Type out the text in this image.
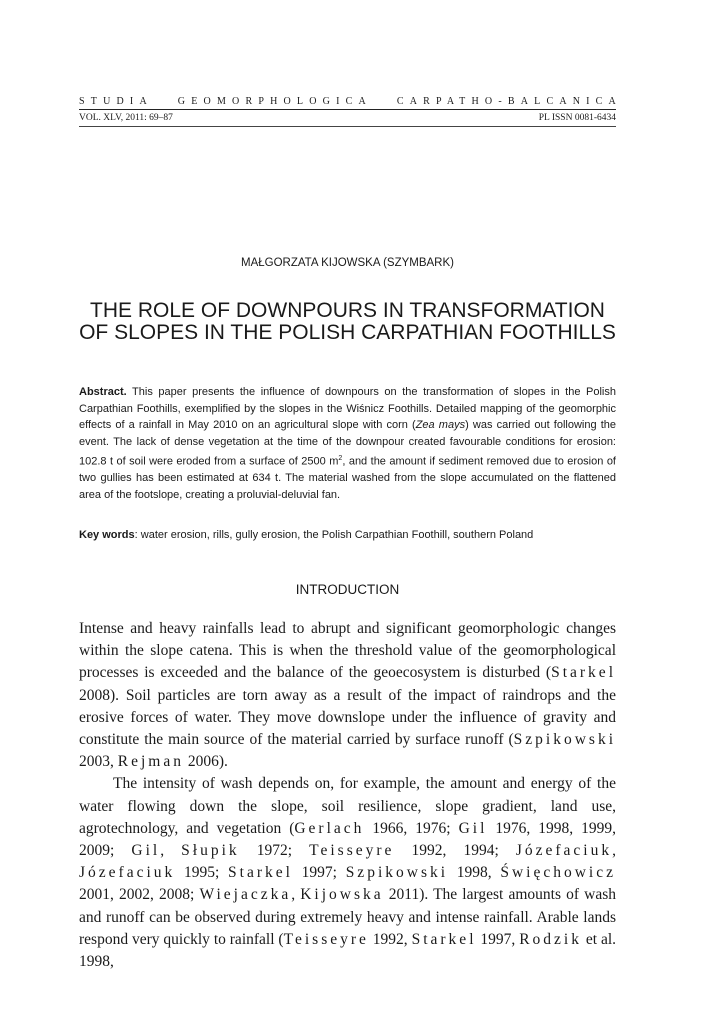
STUDIA GEOMORPHOLOGICA CARPATHO-BALCANICA
VOL. XLV, 2011: 69–87	PL ISSN 0081-6434
MAŁGORZATA KIJOWSKA (SZYMBARK)
THE ROLE OF DOWNPOURS IN TRANSFORMATION
OF SLOPES IN THE POLISH CARPATHIAN FOOTHILLS
Abstract. This paper presents the influence of downpours on the transformation of slopes in the Polish Carpathian Foothills, exemplified by the slopes in the Wiśnicz Foothills. Detailed mapping of the geomorphic effects of a rainfall in May 2010 on an agricultural slope with corn (Zea mays) was carried out following the event. The lack of dense vegetation at the time of the downpour created favourable conditions for erosion: 102.8 t of soil were eroded from a surface of 2500 $m^2$, and the amount if sediment removed due to erosion of two gullies has been estimated at 634 t. The material washed from the slope accumulated on the flattened area of the footslope, creating a proluvial-deluvial fan.
Key words: water erosion, rills, gully erosion, the Polish Carpathian Foothill, southern Poland
INTRODUCTION

Intense and heavy rainfalls lead to abrupt and significant geomorphologic changes within the slope catena. This is when the threshold value of the geomorphological processes is exceeded and the balance of the geoecosystem is disturbed (Starkel 2008). Soil particles are torn away as a result of the impact of raindrops and the erosive forces of water. They move downslope under the influence of gravity and constitute the main source of the material carried by surface runoff (Szpikowski 2003, Rejman 2006).

The intensity of wash depends on, for example, the amount and energy of the water flowing down the slope, soil resilience, slope gradient, land use, agrotechnology, and vegetation (Gerlach 1966, 1976; Gil 1976, 1998, 1999, 2009; Gil, Słupik 1972; Teisseyre 1992, 1994; Józefaciuk, Józefaciuk 1995; Starkel 1997; Szpikowski 1998, Święchowicz 2001, 2002, 2008; Wiejaczka, Kijowska 2011). The largest amounts of wash and runoff can be observed during extremely heavy and intense rainfall. Arable lands respond very quickly to rainfall (Teisseyre 1992, Starkel 1997, Rodzik et al. 1998,
